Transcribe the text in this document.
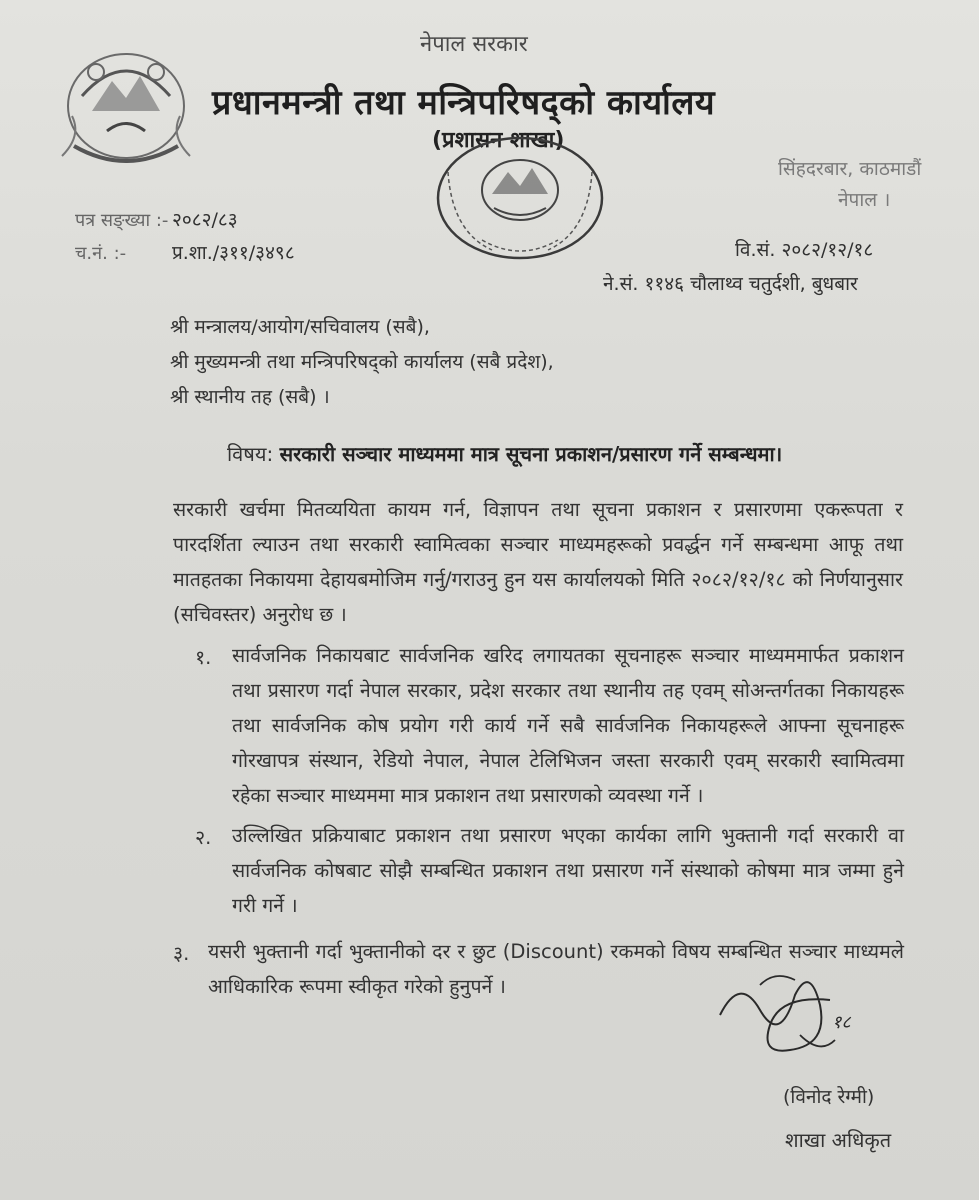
नेपाल सरकार
प्रधानमन्त्री तथा मन्त्रिपरिषद्को कार्यालय
(प्रशासन शाखा)
सिंहदरबार, काठमाडौं
नेपाल ।
पत्र सङ्ख्या :- २०८२/८३
च.नं. :- प्र.शा./३११/३४९८	वि.सं. २०८२/१२/१८
ने.सं. ११४६ चौलाथ्व चतुर्दशी, बुधबार
श्री मन्त्रालय/आयोग/सचिवालय (सबै),
श्री मुख्यमन्त्री तथा मन्त्रिपरिषद्को कार्यालय (सबै प्रदेश),
श्री स्थानीय तह (सबै) ।
विषय: सरकारी सञ्चार माध्यममा मात्र सूचना प्रकाशन/प्रसारण गर्ने सम्बन्धमा।
सरकारी खर्चमा मितव्ययिता कायम गर्न, विज्ञापन तथा सूचना प्रकाशन र प्रसारणमा एकरूपता र पारदर्शिता ल्याउन तथा सरकारी स्वामित्वका सञ्चार माध्यमहरूको प्रवर्द्धन गर्ने सम्बन्धमा आफू तथा मातहतका निकायमा देहायबमोजिम गर्नु/गराउनु हुन यस कार्यालयको मिति २०८२/१२/१८ को निर्णयानुसार (सचिवस्तर) अनुरोध छ ।
१. सार्वजनिक निकायबाट सार्वजनिक खरिद लगायतका सूचनाहरू सञ्चार माध्यममार्फत प्रकाशन तथा प्रसारण गर्दा नेपाल सरकार, प्रदेश सरकार तथा स्थानीय तह एवम् सोअन्तर्गतका निकायहरू तथा सार्वजनिक कोष प्रयोग गरी कार्य गर्ने सबै सार्वजनिक निकायहरूले आफ्ना सूचनाहरू गोरखापत्र संस्थान, रेडियो नेपाल, नेपाल टेलिभिजन जस्ता सरकारी एवम् सरकारी स्वामित्वमा रहेका सञ्चार माध्यममा मात्र प्रकाशन तथा प्रसारणको व्यवस्था गर्ने ।
२. उल्लिखित प्रक्रियाबाट प्रकाशन तथा प्रसारण भएका कार्यका लागि भुक्तानी गर्दा सरकारी वा सार्वजनिक कोषबाट सोझै सम्बन्धित प्रकाशन तथा प्रसारण गर्ने संस्थाको कोषमा मात्र जम्मा हुने गरी गर्ने ।
३. यसरी भुक्तानी गर्दा भुक्तानीको दर र छुट (Discount) रकमको विषय सम्बन्धित सञ्चार माध्यमले आधिकारिक रूपमा स्वीकृत गरेको हुनुपर्ने ।
१८
(विनोद रेग्मी)
शाखा अधिकृत
